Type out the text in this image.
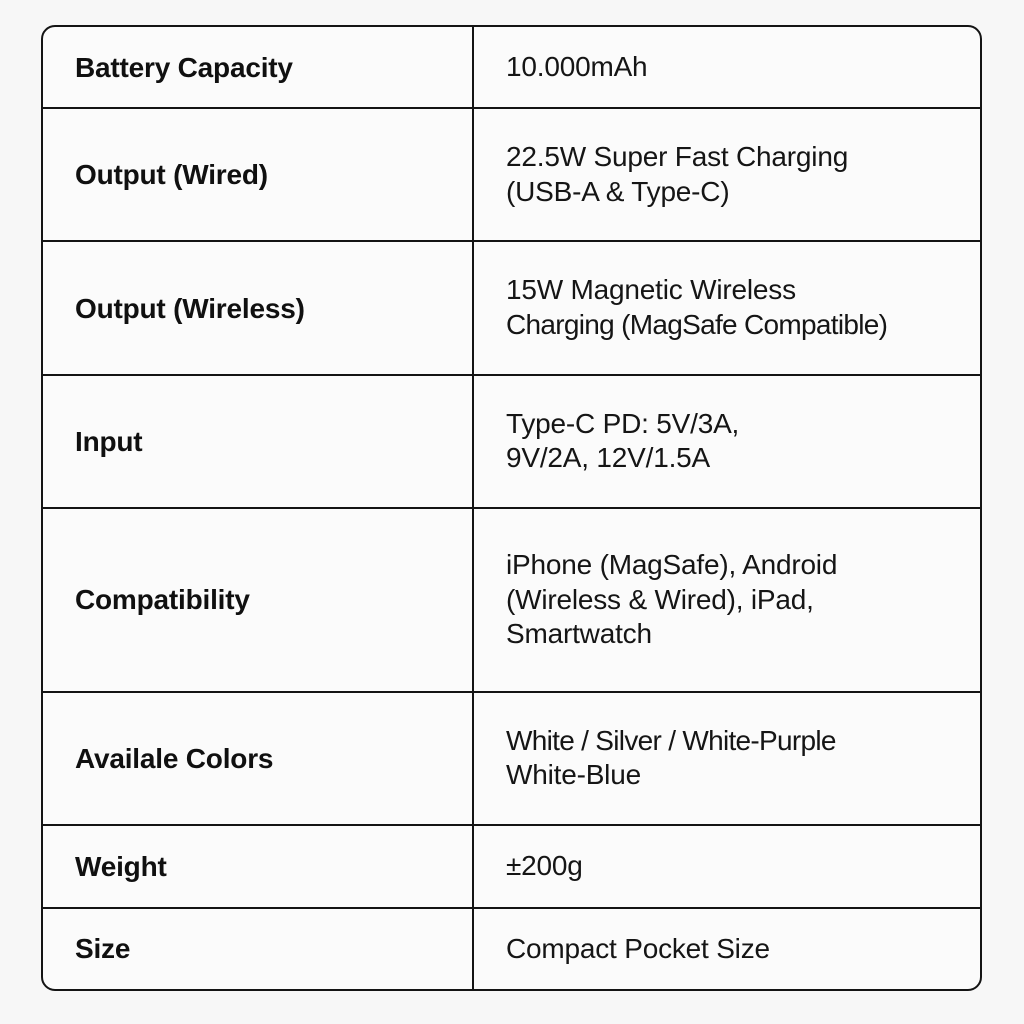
Battery Capacity	10.000mAh

Output (Wired)	22.5W Super Fast Charging
(USB-A & Type-C)

Output (Wireless)	15W Magnetic Wireless
Charging (MagSafe Compatible)

Input	Type-C PD: 5V/3A,
9V/2A, 12V/1.5A

Compatibility	iPhone (MagSafe), Android
(Wireless & Wired), iPad,
Smartwatch

Availale Colors	White / Silver / White-Purple
White-Blue

Weight	±200g

Size	Compact Pocket Size
